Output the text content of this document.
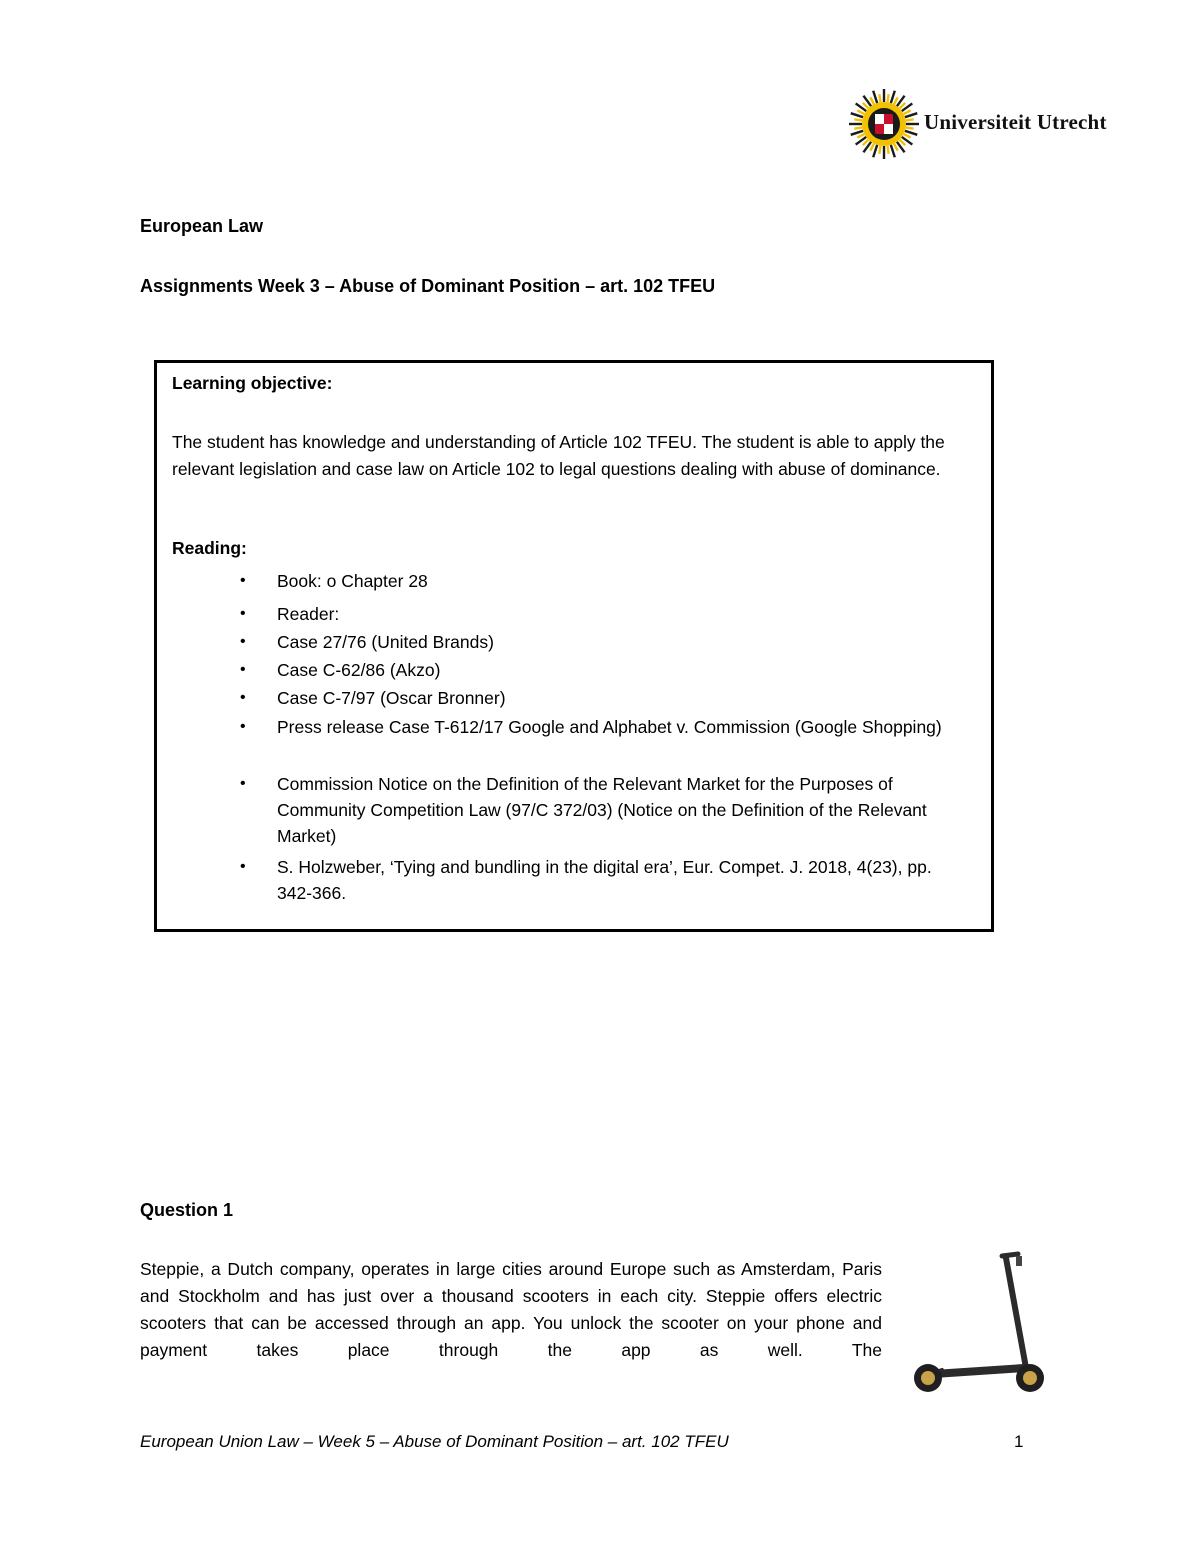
Universiteit Utrecht
European Law
Assignments Week 3 – Abuse of Dominant Position – art. 102 TFEU
Learning objective:
The student has knowledge and understanding of Article 102 TFEU. The student is able to apply the relevant legislation and case law on Article 102 to legal questions dealing with abuse of dominance.
Reading:
• Book: o Chapter 28
• Reader:
• Case 27/76 (United Brands)
• Case C-62/86 (Akzo)
• Case C-7/97 (Oscar Bronner)
• Press release Case T-612/17 Google and Alphabet v. Commission (Google Shopping)
• Commission Notice on the Definition of the Relevant Market for the Purposes of Community Competition Law (97/C 372/03) (Notice on the Definition of the Relevant Market)
• S. Holzweber, ‘Tying and bundling in the digital era’, Eur. Compet. J. 2018, 4(23), pp. 342-366.
Question 1
Steppie, a Dutch company, operates in large cities around Europe such as Amsterdam, Paris and Stockholm and has just over a thousand scooters in each city. Steppie offers electric scooters that can be accessed through an app. You unlock the scooter on your phone and payment takes place through the app as well. The
European Union Law – Week 5 – Abuse of Dominant Position – art. 102 TFEU	1
